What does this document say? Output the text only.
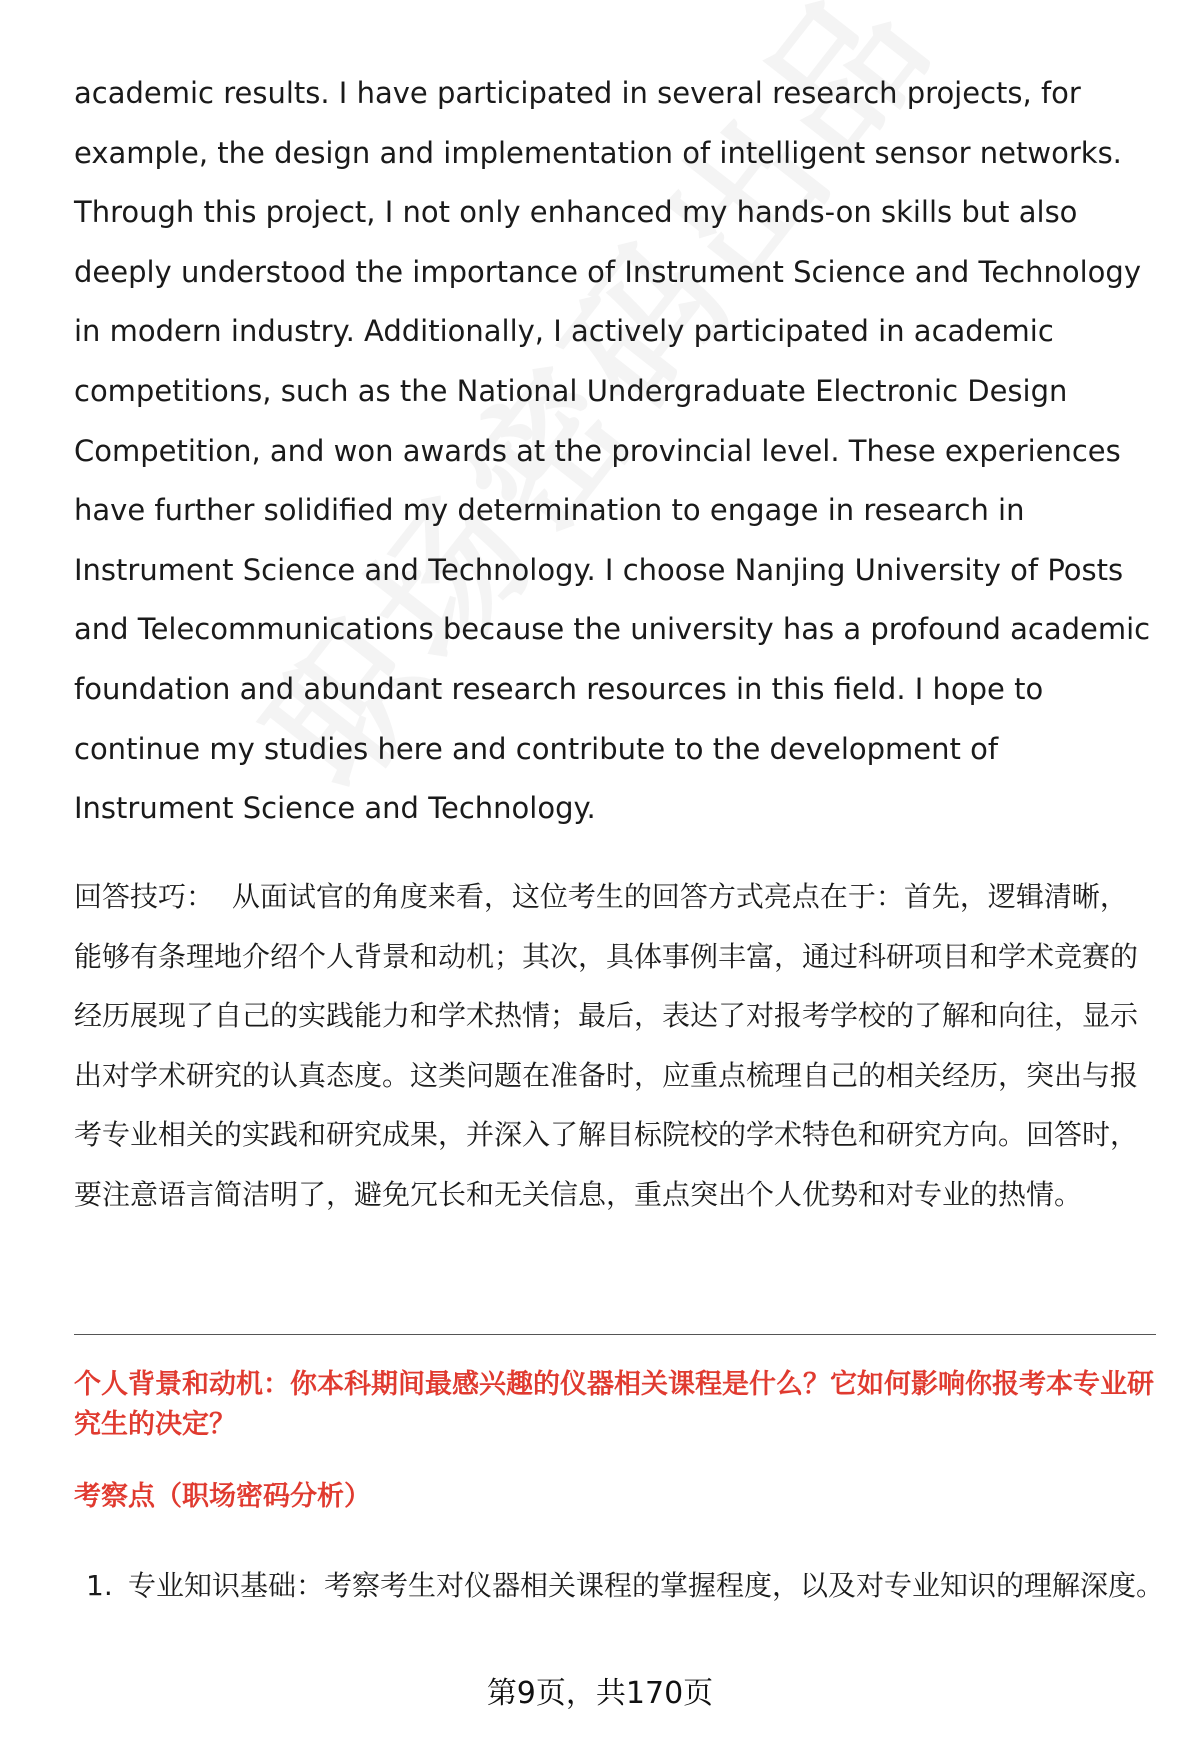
academic results. I have participated in several research projects, for example, the design and implementation of intelligent sensor networks. Through this project, I not only enhanced my hands-on skills but also deeply understood the importance of Instrument Science and Technology in modern industry. Additionally, I actively participated in academic competitions, such as the National Undergraduate Electronic Design Competition, and won awards at the provincial level. These experiences have further solidified my determination to engage in research in Instrument Science and Technology. I choose Nanjing University of Posts and Telecommunications because the university has a profound academic foundation and abundant research resources in this field. I hope to continue my studies here and contribute to the development of Instrument Science and Technology.

回答技巧： 从面试官的角度来看，这位考生的回答方式亮点在于：首先，逻辑清晰，能够有条理地介绍个人背景和动机；其次，具体事例丰富，通过科研项目和学术竞赛的经历展现了自己的实践能力和学术热情；最后，表达了对报考学校的了解和向往，显示出对学术研究的认真态度。这类问题在准备时，应重点梳理自己的相关经历，突出与报考专业相关的实践和研究成果，并深入了解目标院校的学术特色和研究方向。回答时，要注意语言简洁明了，避免冗长和无关信息，重点突出个人优势和对专业的热情。

个人背景和动机：你本科期间最感兴趣的仪器相关课程是什么？它如何影响你报考本专业研究生的决定？

考察点（职场密码分析）

1. 专业知识基础：考察考生对仪器相关课程的掌握程度，以及对专业知识的理解深度。
第9页，共170页
